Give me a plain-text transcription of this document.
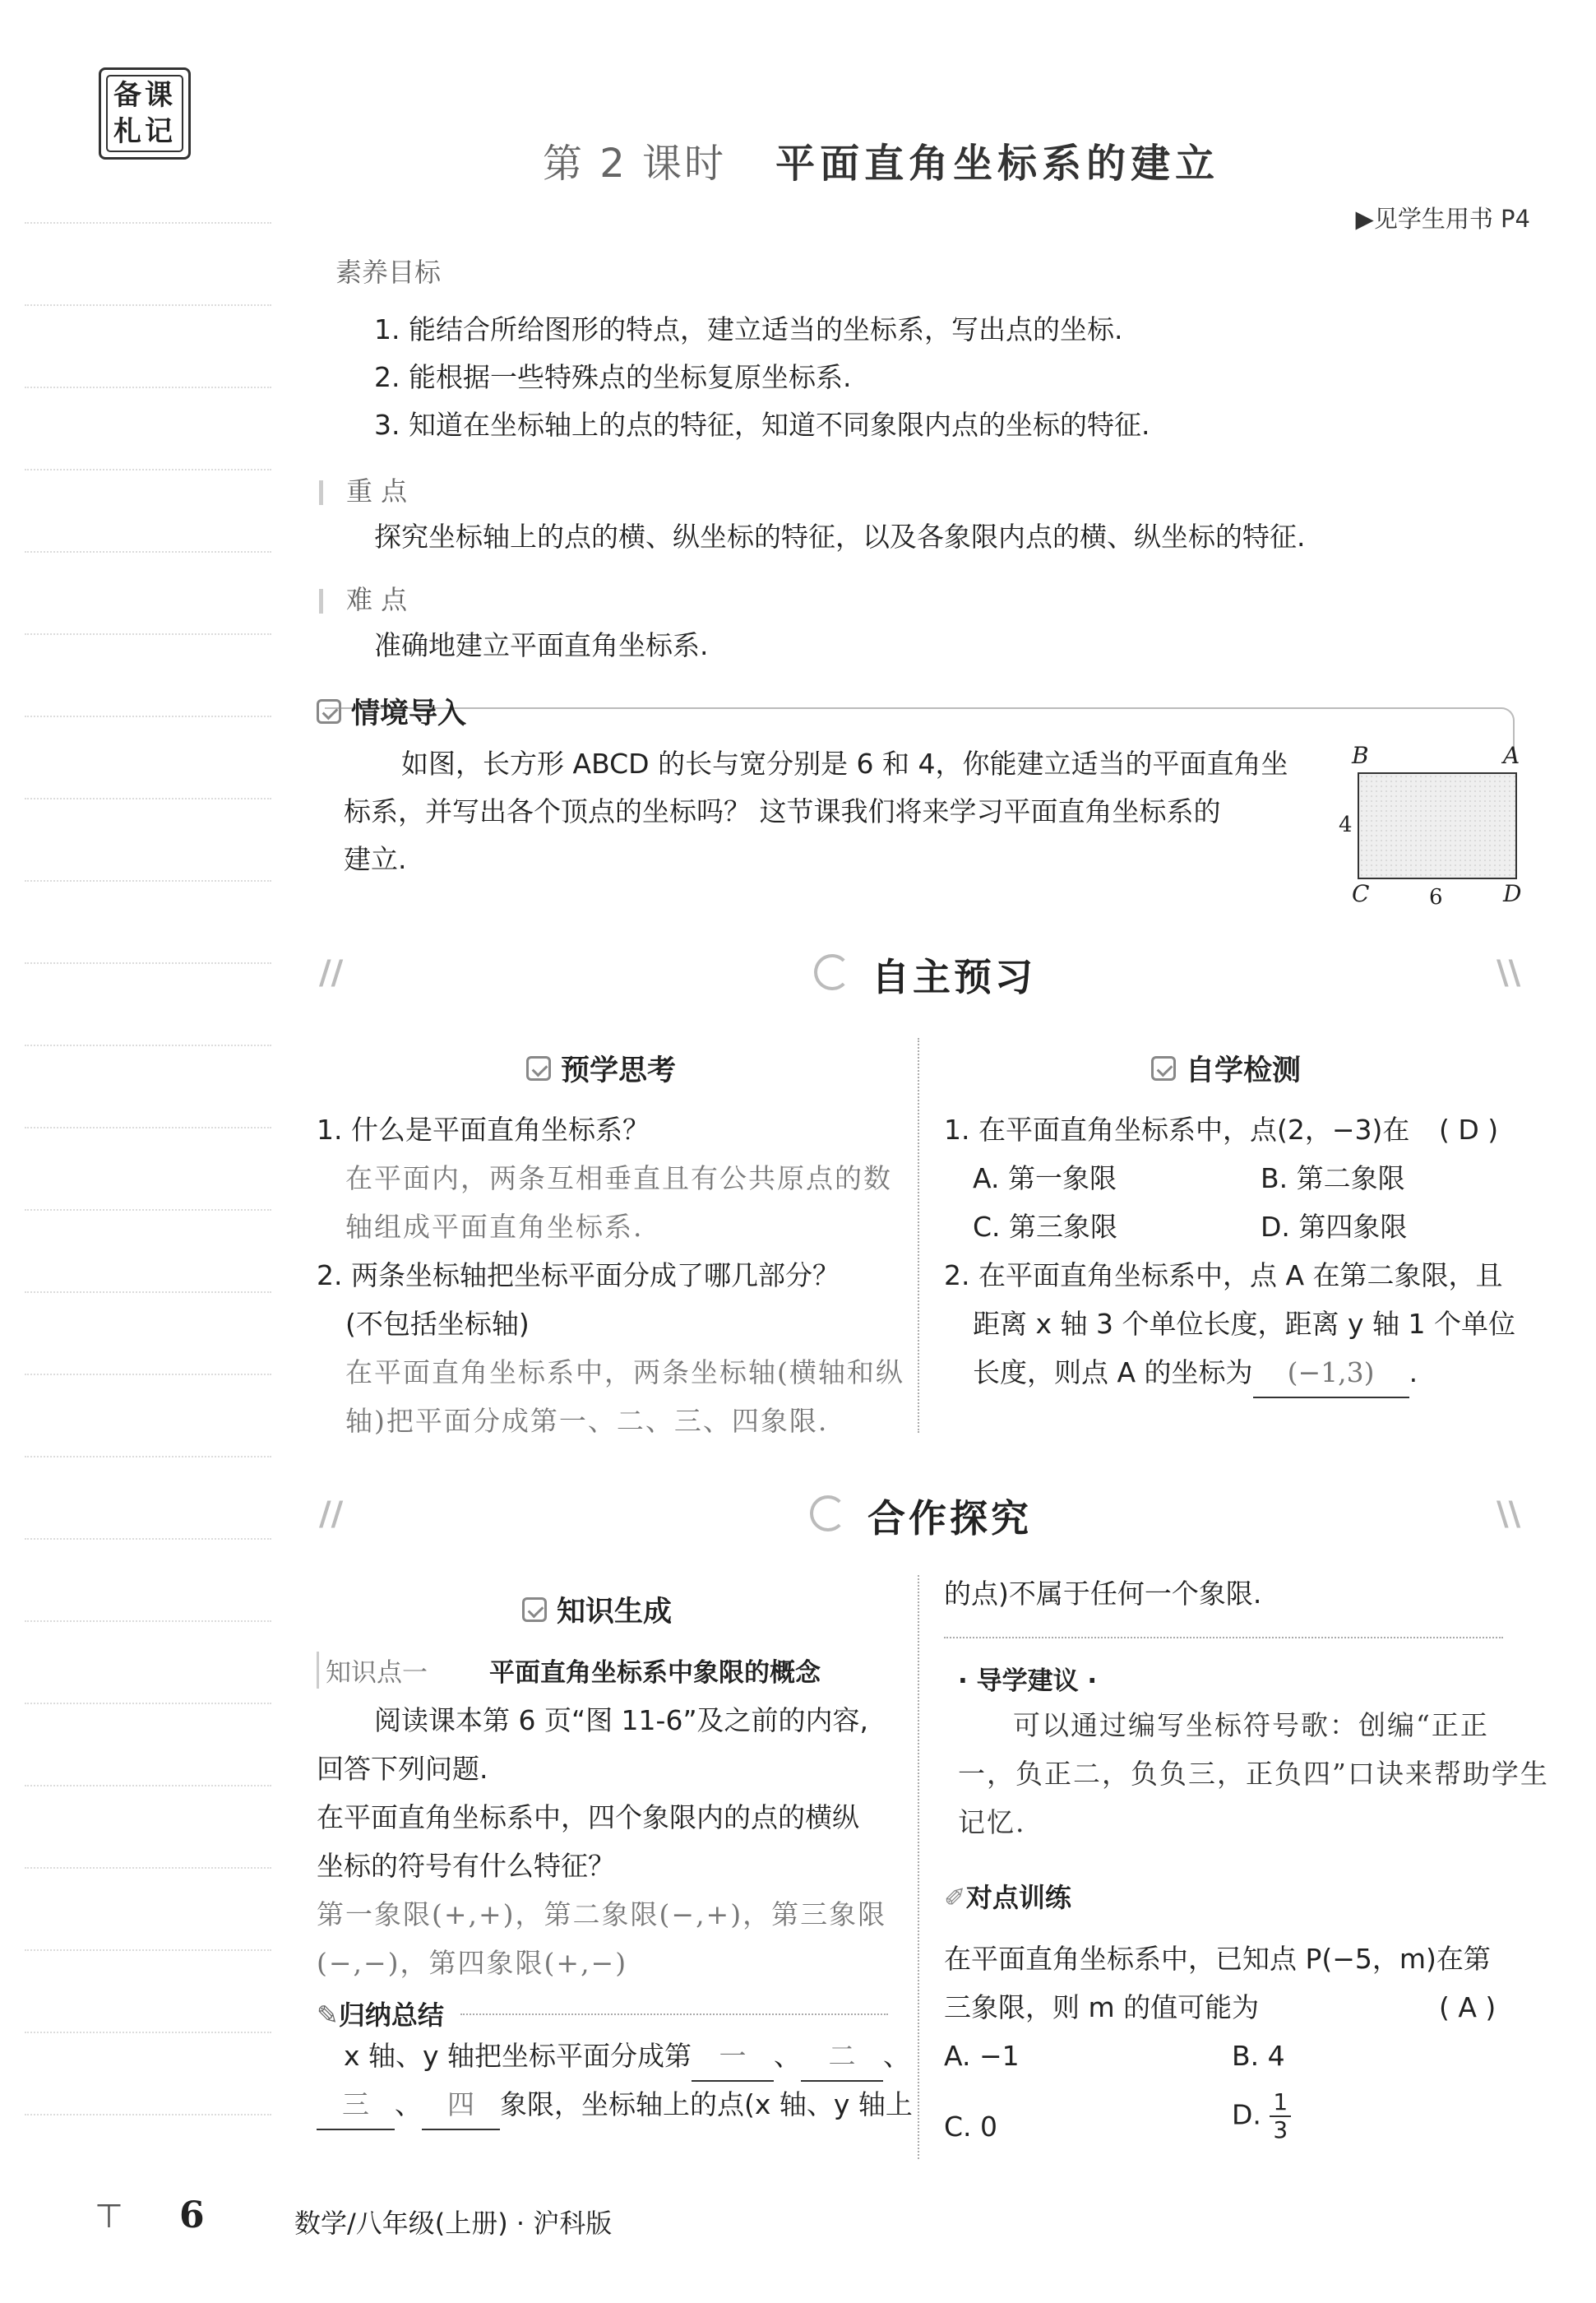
备课
札记
第 2 课时 平面直角坐标系的建立
▶见学生用书 P4
素养目标
1. 能结合所给图形的特点，建立适当的坐标系，写出点的坐标.
2. 能根据一些特殊点的坐标复原坐标系.
3. 知道在坐标轴上的点的特征，知道不同象限内点的坐标的特征.
重 点
探究坐标轴上的点的横、纵坐标的特征，以及各象限内点的横、纵坐标的特征.
难 点
准确地建立平面直角坐标系.
情境导入
如图，长方形 ABCD 的长与宽分别是 6 和 4，你能建立适当的平面直角坐
标系，并写出各个顶点的坐标吗？ 这节课我们将来学习平面直角坐标系的
建立.
B	A
C	D
4
6
//	\\
自主预习
预学思考
1. 什么是平面直角坐标系？
在平面内，两条互相垂直且有公共原点的数
轴组成平面直角坐标系.
2. 两条坐标轴把坐标平面分成了哪几部分？
(不包括坐标轴)
在平面直角坐标系中，两条坐标轴(横轴和纵
轴)把平面分成第一、二、三、四象限.
自学检测
1. 在平面直角坐标系中，点(2，−3)在 ( D )
A. 第一象限	B. 第二象限
C. 第三象限	D. 第四象限
2. 在平面直角坐标系中，点 A 在第二象限，且
距离 x 轴 3 个单位长度，距离 y 轴 1 个单位
长度，则点 A 的坐标为 (−1,3) .
//	\\
合作探究
知识生成
知识点一 平面直角坐标系中象限的概念
阅读课本第 6 页“图 11-6”及之前的内容,
回答下列问题.
在平面直角坐标系中，四个象限内的点的横纵
坐标的符号有什么特征？
第一象限(+,+)，第二象限(−,+)，第三象限
(−,−)，第四象限(+,−)
✎归纳总结
x 轴、y 轴把坐标平面分成第 一 、 二 、
三 、 四 象限，坐标轴上的点(x 轴、y 轴上
的点)不属于任何一个象限.
· 导学建议 ·
可以通过编写坐标符号歌：创编“正正
一，负正二，负负三，正负四”口诀来帮助学生
记忆.
✐对点训练
在平面直角坐标系中，已知点 P(−5，m)在第
三象限，则 m 的值可能为	( A )
A. −1	B. 4
C. 0	D. $\frac{1}{3}$
⊤ 6	数学/八年级(上册) · 沪科版
